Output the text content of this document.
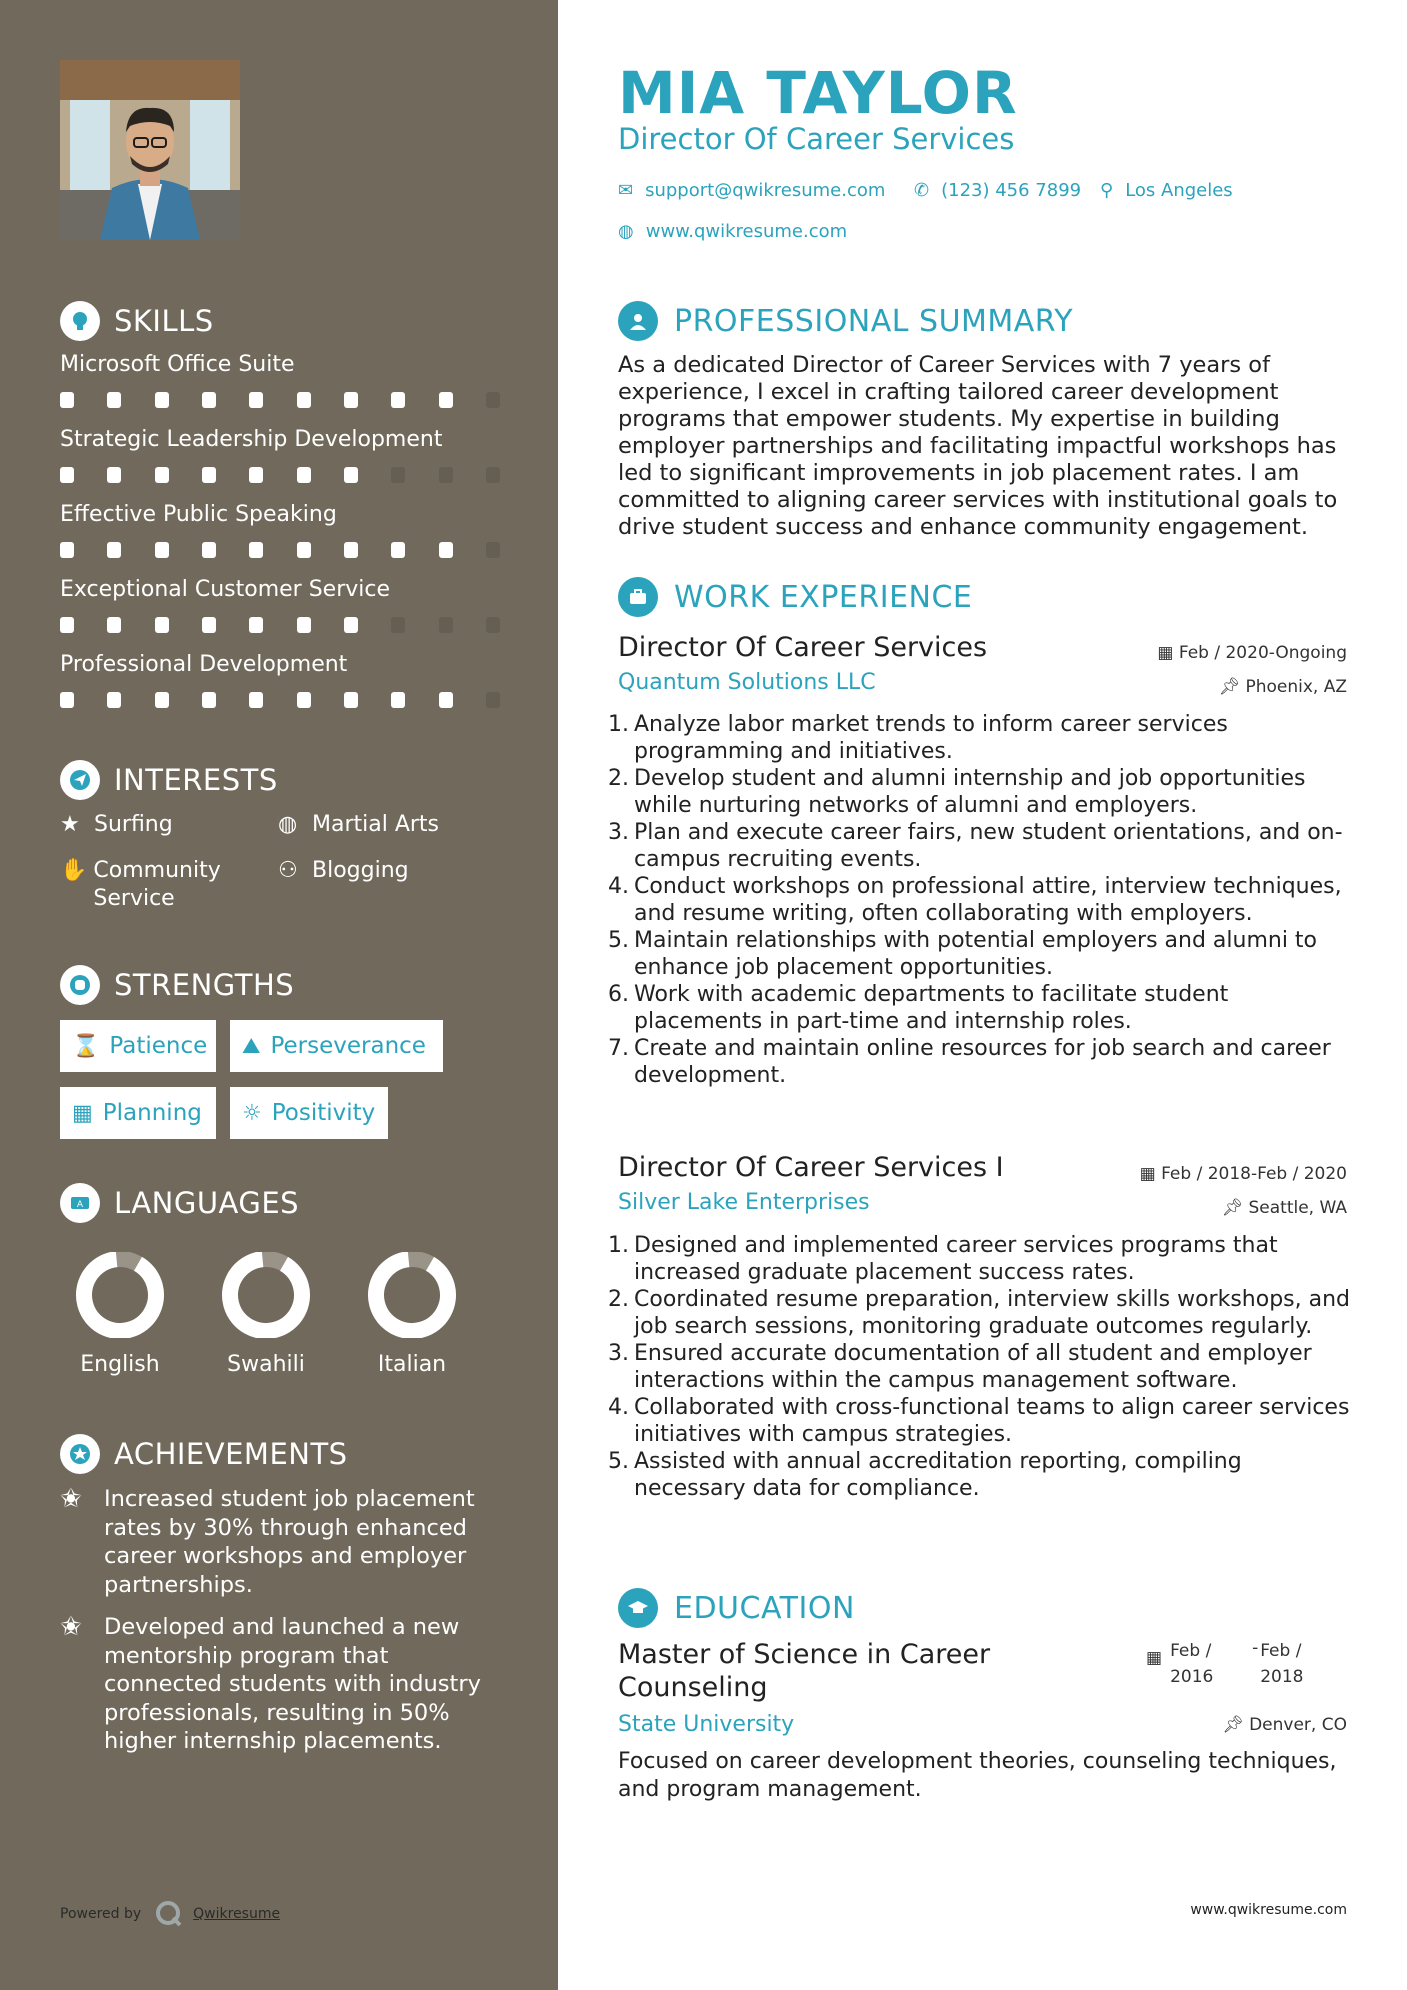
SKILLS
Microsoft Office Suite
Strategic Leadership Development
Effective Public Speaking
Exceptional Customer Service
Professional Development
INTERESTS
★ Surfing	◍ Martial Arts
✋ Community Service
⚇ Blogging
STRENGTHS
⌛ Patience ⛰ Perseverance
▦ Planning ☼ Positivity
A LANGUAGES
English	Swahili	Italian
ACHIEVEMENTS
✬ Increased student job placement rates by 30% through enhanced career workshops and employer partnerships.
✬ Developed and launched a new mentorship program that connected students with industry professionals, resulting in 50% higher internship placements.
Powered by	Qwikresume
MIA TAYLOR
Director Of Career Services
✉ support@qwikresume.com ✆ (123) 456 7899 ⚲ Los Angeles
◍ www.qwikresume.com
PROFESSIONAL SUMMARY
As a dedicated Director of Career Services with 7 years of experience, I excel in crafting tailored career development programs that empower students. My expertise in building employer partnerships and facilitating impactful workshops has led to significant improvements in job placement rates. I am committed to aligning career services with institutional goals to drive student success and enhance community engagement.
WORK EXPERIENCE
Director Of Career Services
Quantum Solutions LLC
▦ Feb / 2020-Ongoing
📌︎ Phoenix, AZ
1. Analyze labor market trends to inform career services programming and initiatives.
2. Develop student and alumni internship and job opportunities while nurturing networks of alumni and employers.
3. Plan and execute career fairs, new student orientations, and on-campus recruiting events.
4. Conduct workshops on professional attire, interview techniques, and resume writing, often collaborating with employers.
5. Maintain relationships with potential employers and alumni to enhance job placement opportunities.
6. Work with academic departments to facilitate student placements in part-time and internship roles.
7. Create and maintain online resources for job search and career development.
Director Of Career Services I
Silver Lake Enterprises
▦ Feb / 2018-Feb / 2020
📌︎ Seattle, WA
1. Designed and implemented career services programs that increased graduate placement success rates.
2. Coordinated resume preparation, interview skills workshops, and job search sessions, monitoring graduate outcomes regularly.
3. Ensured accurate documentation of all student and employer interactions within the campus management software.
4. Collaborated with cross-functional teams to align career services initiatives with campus strategies.
5. Assisted with annual accreditation reporting, compiling necessary data for compliance.
EDUCATION
Master of Science in Career Counseling
State University
▦ Feb / 2016
- Feb / 2018
📌︎ Denver, CO
Focused on career development theories, counseling techniques, and program management.
www.qwikresume.com
